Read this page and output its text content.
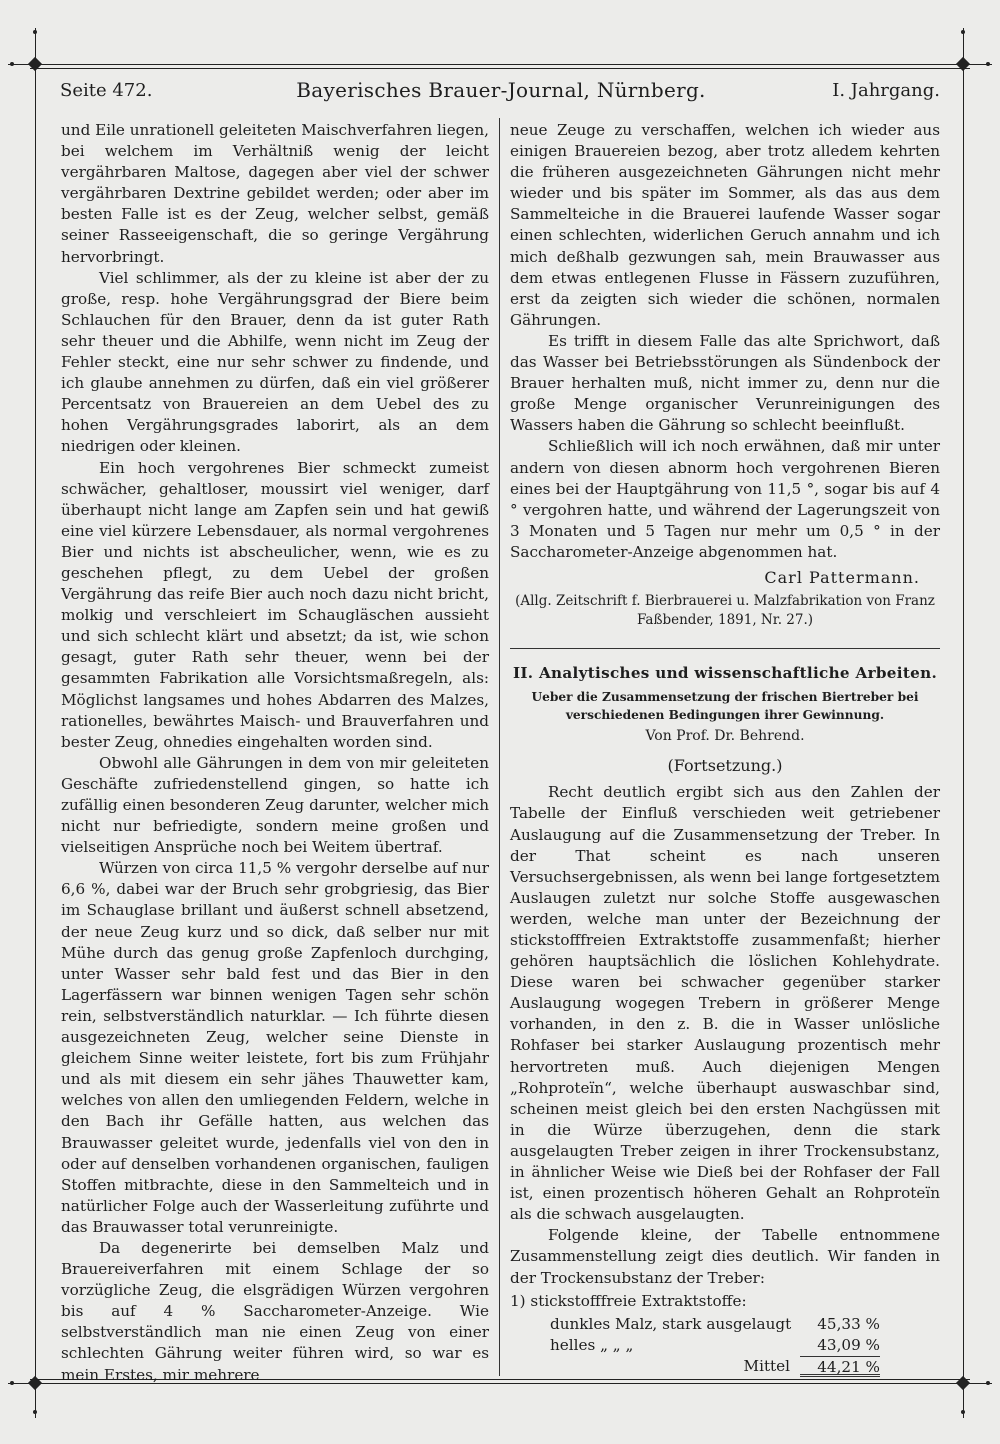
Seite 472.	Bayerisches Brauer-Journal, Nürnberg.	I. Jahrgang.

und Eile unrationell geleiteten Maischverfahren liegen, bei welchem im Verhältniß wenig der leicht vergährbaren Maltose, dagegen aber viel der schwer vergährbaren Dextrine gebildet werden; oder aber im besten Falle ist es der Zeug, welcher selbst, gemäß seiner Rasseeigenschaft, die so geringe Vergährung hervorbringt.

Viel schlimmer, als der zu kleine ist aber der zu große, resp. hohe Vergährungsgrad der Biere beim Schlauchen für den Brauer, denn da ist guter Rath sehr theuer und die Abhilfe, wenn nicht im Zeug der Fehler steckt, eine nur sehr schwer zu findende, und ich glaube annehmen zu dürfen, daß ein viel größerer Percentsatz von Brauereien an dem Uebel des zu hohen Vergährungsgrades laborirt, als an dem niedrigen oder kleinen.

Ein hoch vergohrenes Bier schmeckt zumeist schwächer, gehaltloser, moussirt viel weniger, darf überhaupt nicht lange am Zapfen sein und hat gewiß eine viel kürzere Lebensdauer, als normal vergohrenes Bier und nichts ist abscheulicher, wenn, wie es zu geschehen pflegt, zu dem Uebel der großen Vergährung das reife Bier auch noch dazu nicht bricht, molkig und verschleiert im Schaugläschen aussieht und sich schlecht klärt und absetzt; da ist, wie schon gesagt, guter Rath sehr theuer, wenn bei der gesammten Fabrikation alle Vorsichtsmaßregeln, als: Möglichst langsames und hohes Abdarren des Malzes, rationelles, bewährtes Maisch- und Brauverfahren und bester Zeug, ohnedies eingehalten worden sind.

Obwohl alle Gährungen in dem von mir geleiteten Geschäfte zufriedenstellend gingen, so hatte ich zufällig einen besonderen Zeug darunter, welcher mich nicht nur befriedigte, sondern meine großen und vielseitigen Ansprüche noch bei Weitem übertraf.

Würzen von circa 11,5 % vergohr derselbe auf nur 6,6 %, dabei war der Bruch sehr grobgriesig, das Bier im Schauglase brillant und äußerst schnell absetzend, der neue Zeug kurz und so dick, daß selber nur mit Mühe durch das genug große Zapfenloch durchging, unter Wasser sehr bald fest und das Bier in den Lagerfässern war binnen wenigen Tagen sehr schön rein, selbstverständlich naturklar. — Ich führte diesen ausgezeichneten Zeug, welcher seine Dienste in gleichem Sinne weiter leistete, fort bis zum Frühjahr und als mit diesem ein sehr jähes Thauwetter kam, welches von allen den umliegenden Feldern, welche in den Bach ihr Gefälle hatten, aus welchen das Brauwasser geleitet wurde, jedenfalls viel von den in oder auf denselben vorhandenen organischen, fauligen Stoffen mitbrachte, diese in den Sammelteich und in natürlicher Folge auch der Wasserleitung zuführte und das Brauwasser total verunreinigte.

Da degenerirte bei demselben Malz und Brauereiverfahren mit einem Schlage der so vorzügliche Zeug, die elsgrädigen Würzen vergohren bis auf 4 % Saccharometer-Anzeige. Wie selbstverständlich man nie einen Zeug von einer schlechten Gährung weiter führen wird, so war es mein Erstes, mir mehrere

neue Zeuge zu verschaffen, welchen ich wieder aus einigen Brauereien bezog, aber trotz alledem kehrten die früheren ausgezeichneten Gährungen nicht mehr wieder und bis später im Sommer, als das aus dem Sammelteiche in die Brauerei laufende Wasser sogar einen schlechten, widerlichen Geruch annahm und ich mich deßhalb gezwungen sah, mein Brauwasser aus dem etwas entlegenen Flusse in Fässern zuzuführen, erst da zeigten sich wieder die schönen, normalen Gährungen.

Es trifft in diesem Falle das alte Sprichwort, daß das Wasser bei Betriebsstörungen als Sündenbock der Brauer herhalten muß, nicht immer zu, denn nur die große Menge organischer Verunreinigungen des Wassers haben die Gährung so schlecht beeinflußt.

Schließlich will ich noch erwähnen, daß mir unter andern von diesen abnorm hoch vergohrenen Bieren eines bei der Hauptgährung von 11,5 °, sogar bis auf 4 ° vergohren hatte, und während der Lagerungszeit von 3 Monaten und 5 Tagen nur mehr um 0,5 ° in der Saccharometer-Anzeige abgenommen hat.

Carl Pattermann.

(Allg. Zeitschrift f. Bierbrauerei u. Malzfabrikation von Franz Faßbender, 1891, Nr. 27.)
II. Analytisches und wissenschaftliche Arbeiten.
Ueber die Zusammensetzung der frischen Biertreber bei verschiedenen Bedingungen ihrer Gewinnung.
Von Prof. Dr. Behrend.
(Fortsetzung.)

Recht deutlich ergibt sich aus den Zahlen der Tabelle der Einfluß verschieden weit getriebener Auslaugung auf die Zusammensetzung der Treber. In der That scheint es nach unseren Versuchsergebnissen, als wenn bei lange fortgesetztem Auslaugen zuletzt nur solche Stoffe ausgewaschen werden, welche man unter der Bezeichnung der stickstofffreien Extraktstoffe zusammenfaßt; hierher gehören hauptsächlich die löslichen Kohlehydrate. Diese waren bei schwacher gegenüber starker Auslaugung wogegen Trebern in größerer Menge vorhanden, in den z. B. die in Wasser unlösliche Rohfaser bei starker Auslaugung prozentisch mehr hervortreten muß. Auch diejenigen Mengen „Rohproteïn“, welche überhaupt auswaschbar sind, scheinen meist gleich bei den ersten Nachgüssen mit in die Würze überzugehen, denn die stark ausgelaugten Treber zeigen in ihrer Trockensubstanz, in ähnlicher Weise wie Dieß bei der Rohfaser der Fall ist, einen prozentisch höheren Gehalt an Rohproteïn als die schwach ausgelaugten.

Folgende kleine, der Tabelle entnommene Zusammenstellung zeigt dies deutlich. Wir fanden in der Trockensubstanz der Treber:

1) stickstofffreie Extraktstoffe:

dunkles Malz, stark ausgelaugt	45,33 %
helles „ „ „	43,09 %
Mittel	44,21 %
